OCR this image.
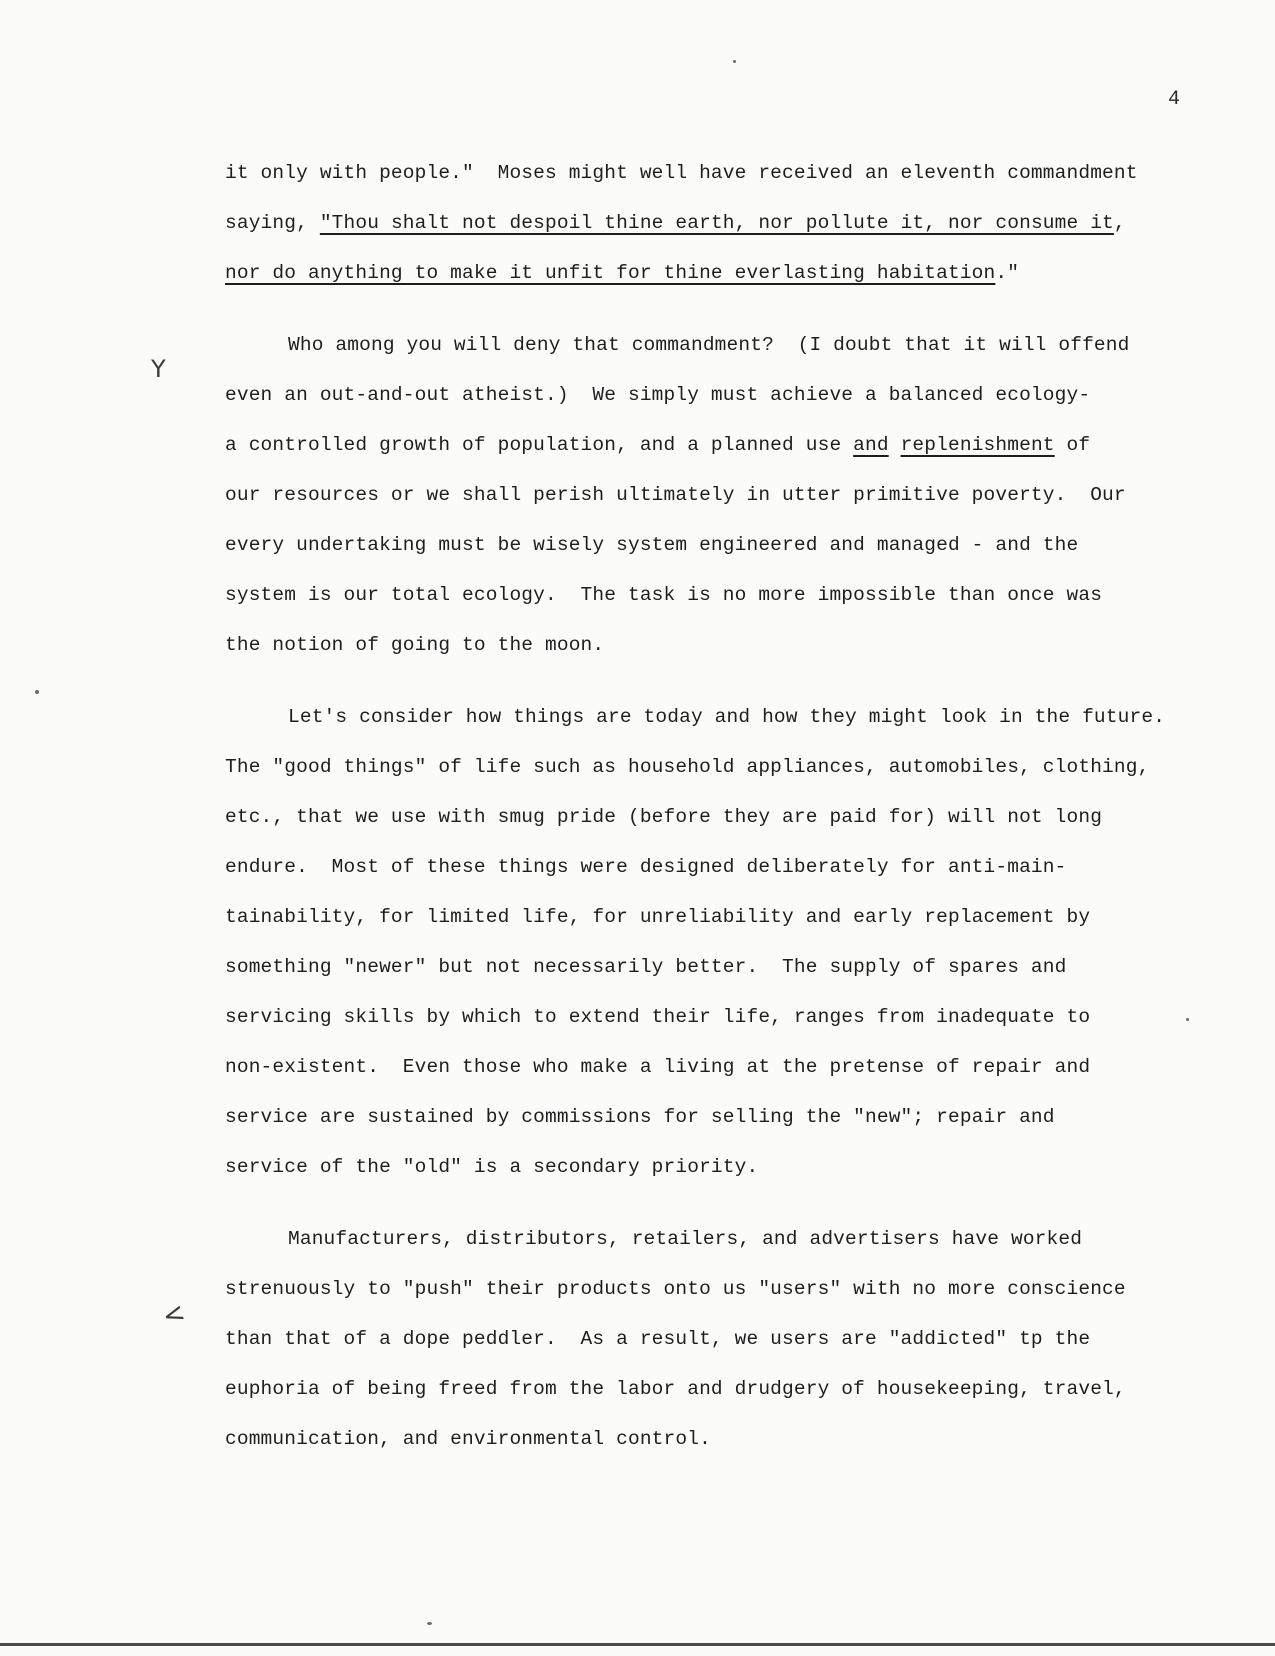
4
it only with people."  Moses might well have received an eleventh commandment
saying, "Thou shalt not despoil thine earth, nor pollute it, nor consume it,
nor do anything to make it unfit for thine everlasting habitation."
Who among you will deny that commandment?  (I doubt that it will offend
even an out-and-out atheist.)  We simply must achieve a balanced ecology-
a controlled growth of population, and a planned use and replenishment of
our resources or we shall perish ultimately in utter primitive poverty.  Our
every undertaking must be wisely system engineered and managed - and the
system is our total ecology.  The task is no more impossible than once was
the notion of going to the moon.
Let's consider how things are today and how they might look in the future.
The "good things" of life such as household appliances, automobiles, clothing,
etc., that we use with smug pride (before they are paid for) will not long
endure.  Most of these things were designed deliberately for anti-main-
tainability, for limited life, for unreliability and early replacement by
something "newer" but not necessarily better.  The supply of spares and
servicing skills by which to extend their life, ranges from inadequate to
non-existent.  Even those who make a living at the pretense of repair and
service are sustained by commissions for selling the "new"; repair and
service of the "old" is a secondary priority.
Manufacturers, distributors, retailers, and advertisers have worked
strenuously to "push" their products onto us "users" with no more conscience
than that of a dope peddler.  As a result, we users are "addicted" tp the
euphoria of being freed from the labor and drudgery of housekeeping, travel,
communication, and environmental control.
Y
<
